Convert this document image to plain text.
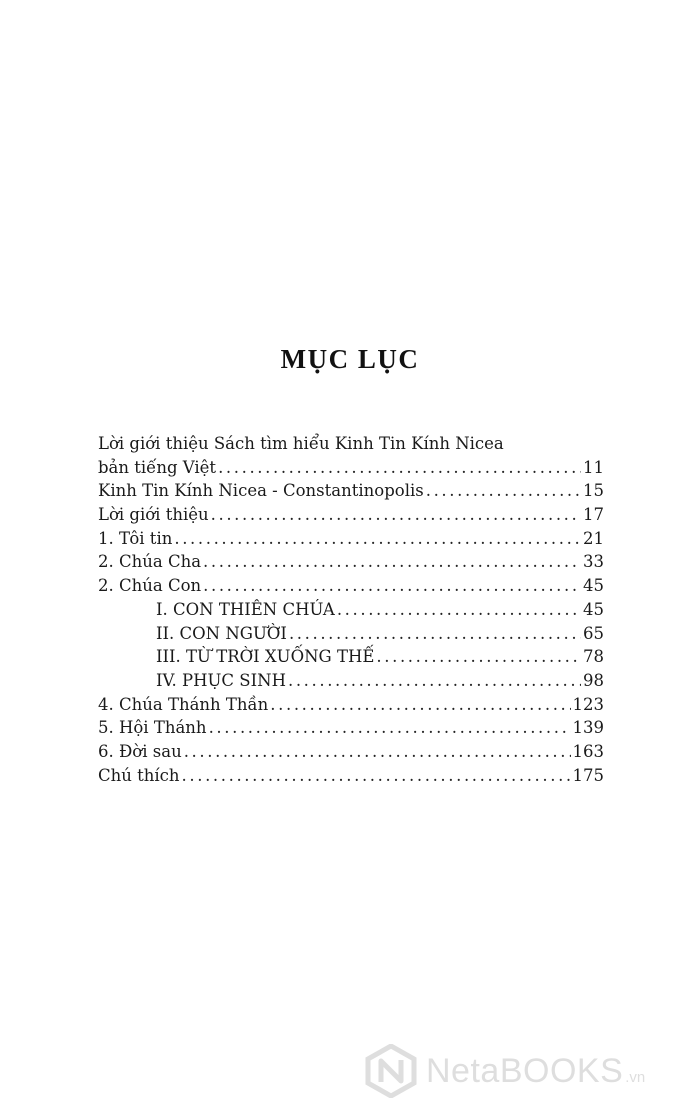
MỤC LỤC
Lời giới thiệu Sách tìm hiểu Kinh Tin Kính Nicea
bản tiếng Việt .....	11
Kinh Tin Kính Nicea - Constantinopolis .....	15
Lời giới thiệu .....	17
1. Tôi tin .....	21
2. Chúa Cha .....	33
2. Chúa Con .....	45
I. CON THIÊN CHÚA .....	45
II. CON NGƯỜI .....	65
III. TỪ TRỜI XUỐNG THẾ .....	78
IV. PHỤC SINH .....	98
4. Chúa Thánh Thần .....	123
5. Hội Thánh .....	139
6. Đời sau .....	163
Chú thích .....	175
NetaBOOKS .vn
